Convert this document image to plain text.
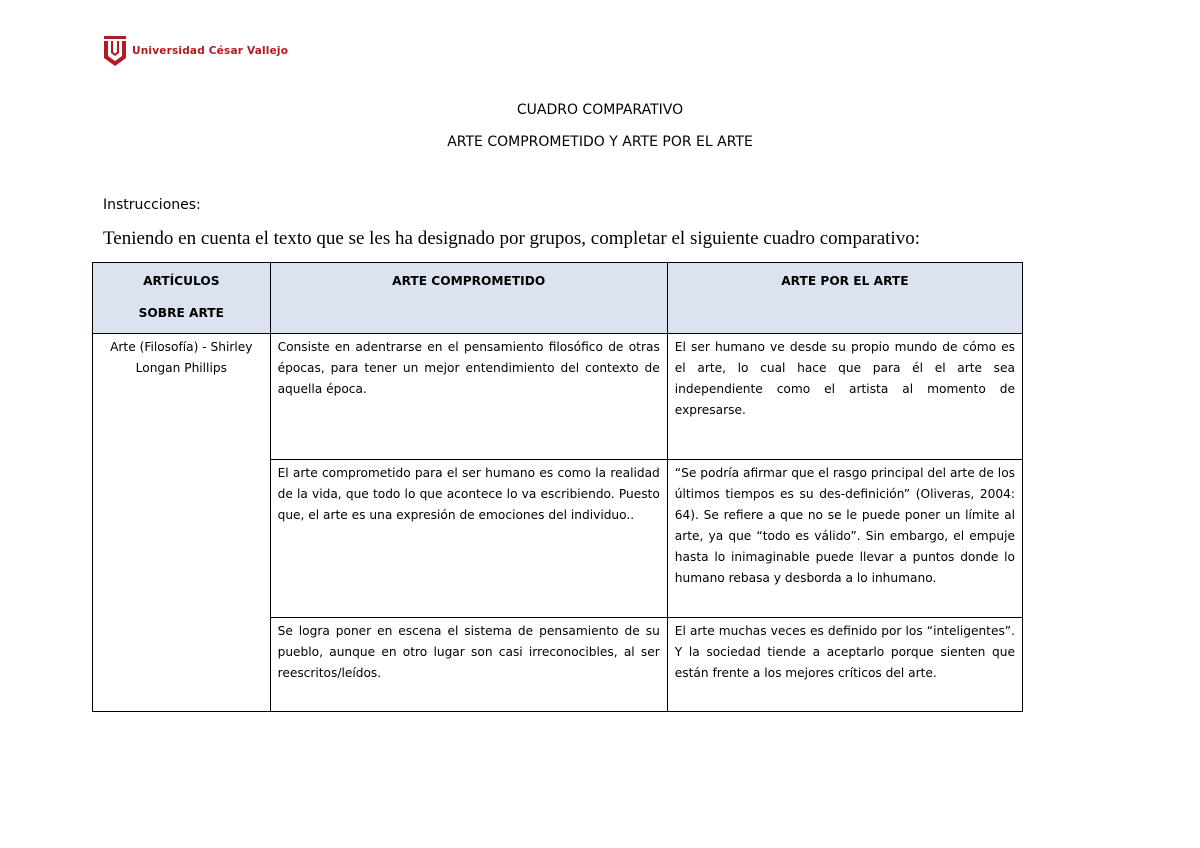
Universidad César Vallejo
CUADRO COMPARATIVO
ARTE COMPROMETIDO Y ARTE POR EL ARTE
Instrucciones:
Teniendo en cuenta el texto que se les ha designado por grupos, completar el siguiente cuadro comparativo:
ARTÍCULOS
SOBRE ARTE	ARTE COMPROMETIDO	ARTE POR EL ARTE

Arte (Filosofía) - Shirley Longan Phillips	Consiste en adentrarse en el pensamiento filosófico de otras épocas, para tener un mejor entendimiento del contexto de aquella época.	El ser humano ve desde su propio mundo de cómo es el arte, lo cual hace que para él el arte sea independiente como el artista al momento de expresarse.
	El arte comprometido para el ser humano es como la realidad de la vida, que todo lo que acontece lo va escribiendo. Puesto que, el arte es una expresión de emociones del individuo..	“Se podría afirmar que el rasgo principal del arte de los últimos tiempos es su des-definición” (Oliveras, 2004: 64). Se refiere a que no se le puede poner un límite al arte, ya que “todo es válido”. Sin embargo, el empuje hasta lo inimaginable puede llevar a puntos donde lo humano rebasa y desborda a lo inhumano.
	Se logra poner en escena el sistema de pensamiento de su pueblo, aunque en otro lugar son casi irreconocibles, al ser reescritos/leídos.	El arte muchas veces es definido por los “inteligentes”. Y la sociedad tiende a aceptarlo porque sienten que están frente a los mejores críticos del arte.
